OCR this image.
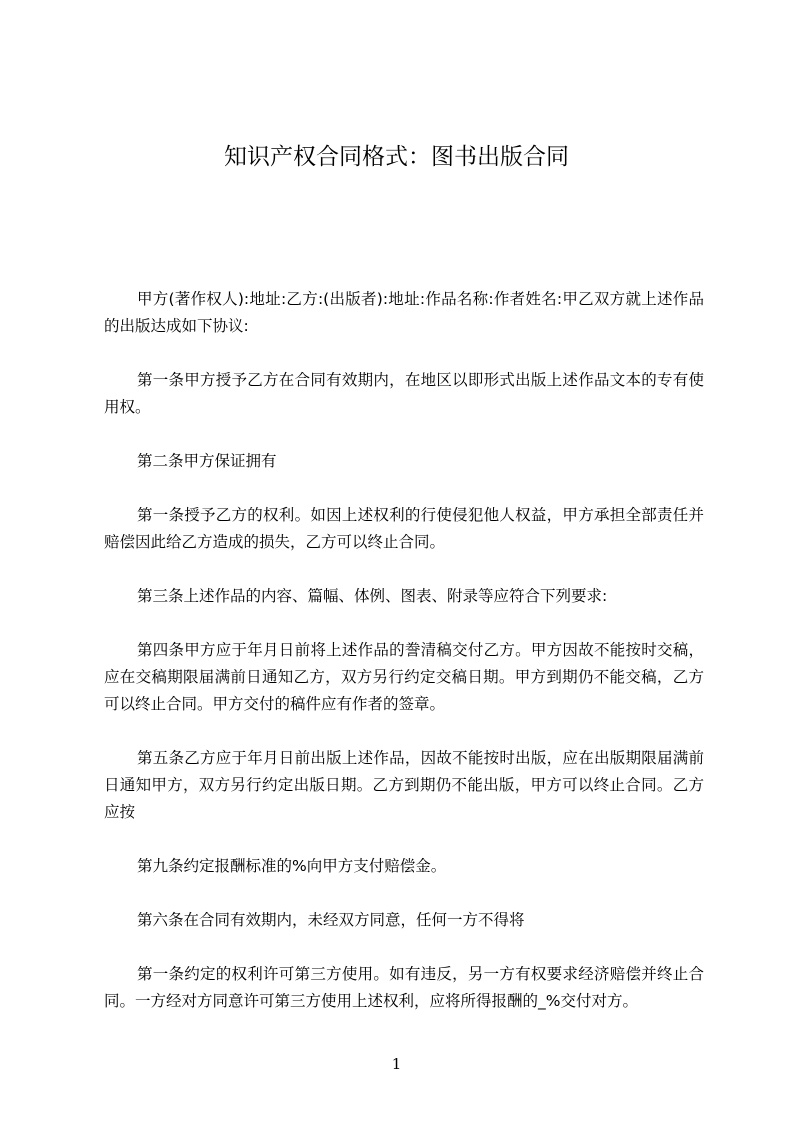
知识产权合同格式：图书出版合同

甲方(著作权人):地址:乙方:(出版者):地址:作品名称:作者姓名:甲乙双方就上述作品的出版达成如下协议:

第一条甲方授予乙方在合同有效期内，在地区以即形式出版上述作品文本的专有使用权。

第二条甲方保证拥有

第一条授予乙方的权利。如因上述权利的行使侵犯他人权益，甲方承担全部责任并赔偿因此给乙方造成的损失，乙方可以终止合同。

第三条上述作品的内容、篇幅、体例、图表、附录等应符合下列要求:

第四条甲方应于年月日前将上述作品的誊清稿交付乙方。甲方因故不能按时交稿，应在交稿期限届满前日通知乙方，双方另行约定交稿日期。甲方到期仍不能交稿，乙方可以终止合同。甲方交付的稿件应有作者的签章。

第五条乙方应于年月日前出版上述作品，因故不能按时出版，应在出版期限届满前日通知甲方，双方另行约定出版日期。乙方到期仍不能出版，甲方可以终止合同。乙方应按

第九条约定报酬标准的%向甲方支付赔偿金。

第六条在合同有效期内，未经双方同意，任何一方不得将

第一条约定的权利许可第三方使用。如有违反，另一方有权要求经济赔偿并终止合同。一方经对方同意许可第三方使用上述权利，应将所得报酬的_%交付对方。

1
